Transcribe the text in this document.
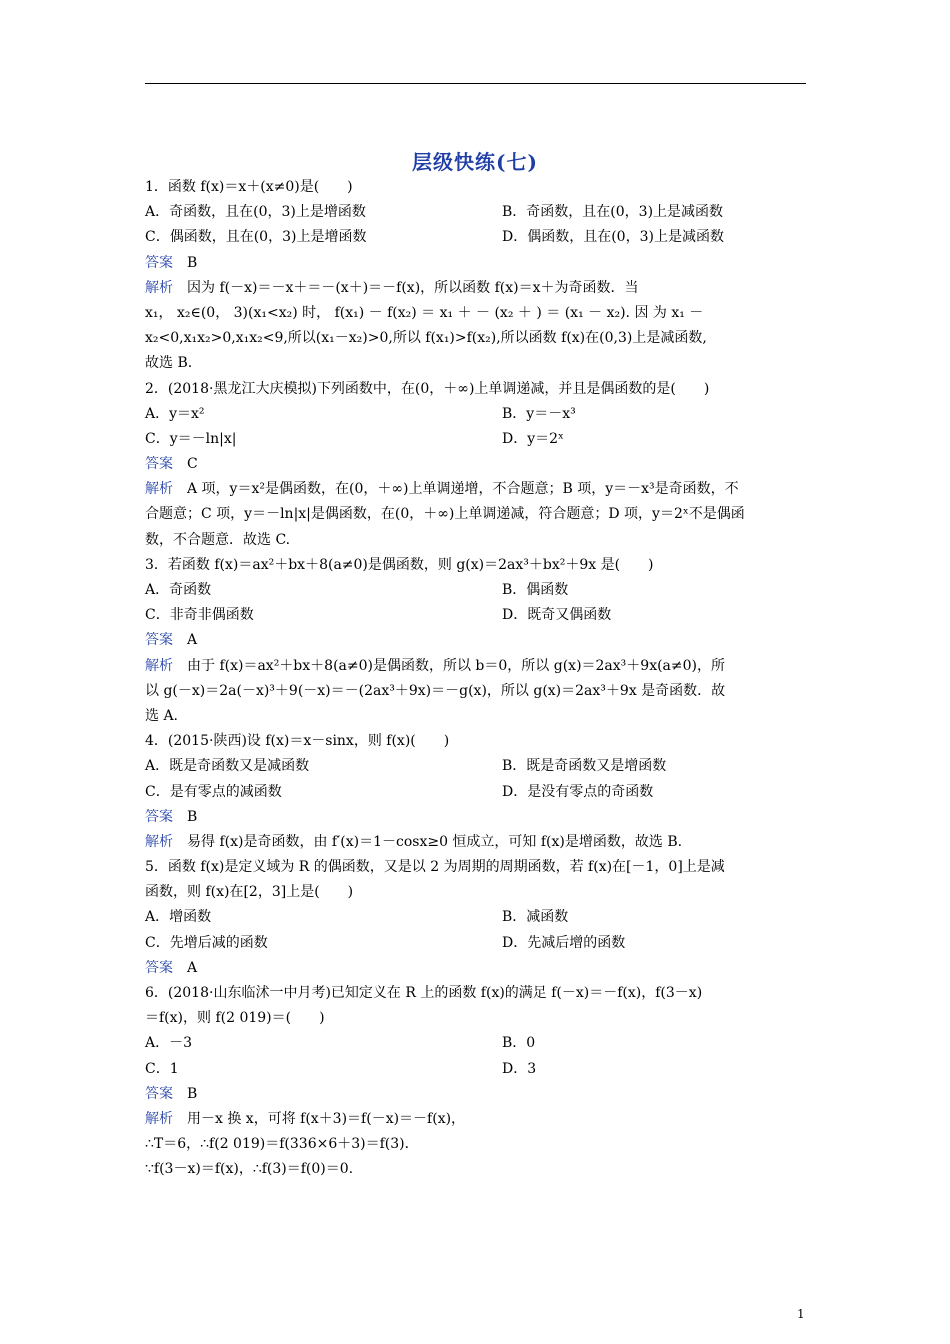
层级快练(七)
1．函数 f(x)＝x＋(x≠0)是(　　)
A．奇函数，且在(0，3)上是增函数	B．奇函数，且在(0，3)上是减函数
C．偶函数，且在(0，3)上是增函数	D．偶函数，且在(0，3)上是减函数
答案 B
解析 因为 f(－x)＝－x＋＝－(x＋)＝－f(x)，所以函数 f(x)＝x＋为奇函数．当
x₁， x₂∈(0， 3)(x₁<x₂) 时， f(x₁) － f(x₂) ＝ x₁ ＋ － (x₂ ＋ ) ＝ (x₁ － x₂). 因 为 x₁ －
x₂<0,x₁x₂>0,x₁x₂<9,所以(x₁－x₂)>0,所以 f(x₁)>f(x₂),所以函数 f(x)在(0,3)上是减函数,
故选 B.
2．(2018·黑龙江大庆模拟)下列函数中，在(0，＋∞)上单调递减，并且是偶函数的是(　　)
A．y＝x²	B．y＝－x³
C．y＝－ln|x|	D．y＝2ˣ
答案 C
解析 A 项，y＝x²是偶函数，在(0，＋∞)上单调递增，不合题意；B 项，y＝－x³是奇函数，不
合题意；C 项，y＝－ln|x|是偶函数，在(0，＋∞)上单调递减，符合题意；D 项，y＝2ˣ不是偶函
数，不合题意．故选 C.
3．若函数 f(x)＝ax²＋bx＋8(a≠0)是偶函数，则 g(x)＝2ax³＋bx²＋9x 是(　　)
A．奇函数	B．偶函数
C．非奇非偶函数	D．既奇又偶函数
答案 A
解析 由于 f(x)＝ax²＋bx＋8(a≠0)是偶函数，所以 b＝0，所以 g(x)＝2ax³＋9x(a≠0)，所
以 g(－x)＝2a(－x)³＋9(－x)＝－(2ax³＋9x)＝－g(x)，所以 g(x)＝2ax³＋9x 是奇函数．故
选 A.
4．(2015·陕西)设 f(x)＝x－sinx，则 f(x)(　　)
A．既是奇函数又是减函数	B．既是奇函数又是增函数
C．是有零点的减函数	D．是没有零点的奇函数
答案 B
解析 易得 f(x)是奇函数，由 f′(x)＝1－cosx≥0 恒成立，可知 f(x)是增函数，故选 B.
5．函数 f(x)是定义域为 R 的偶函数，又是以 2 为周期的周期函数，若 f(x)在[－1，0]上是减
函数，则 f(x)在[2，3]上是(　　)
A．增函数	B．减函数
C．先增后减的函数	D．先减后增的函数
答案 A
6．(2018·山东临沭一中月考)已知定义在 R 上的函数 f(x)的满足 f(－x)＝－f(x)，f(3－x)
＝f(x)，则 f(2 019)＝(　　)
A．－3	B．0
C．1	D．3
答案 B
解析 用－x 换 x，可将 f(x＋3)＝f(－x)＝－f(x)，
∴T＝6，∴f(2 019)＝f(336×6＋3)＝f(3)．
∵f(3－x)＝f(x)，∴f(3)＝f(0)＝0.
1
